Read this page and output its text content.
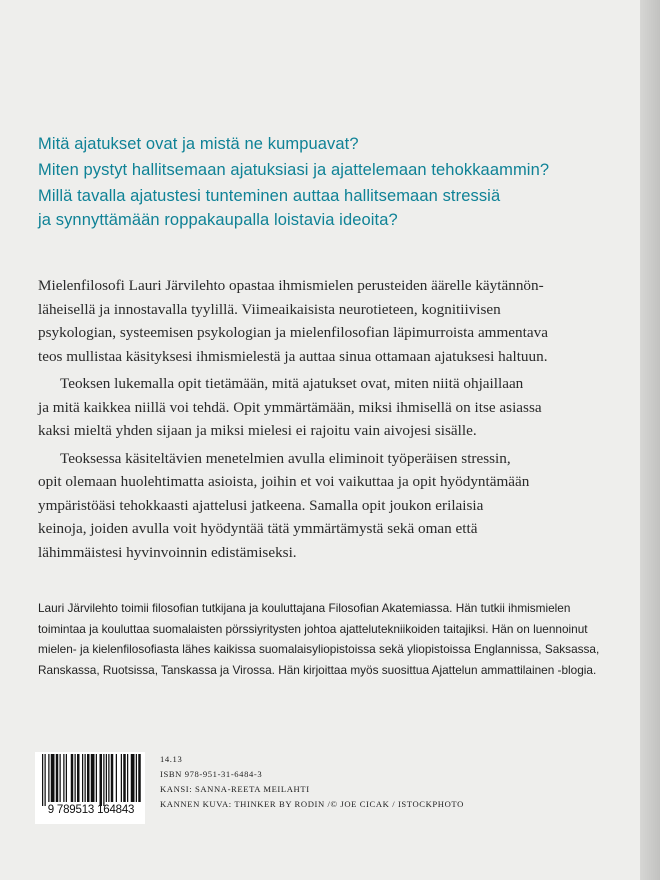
Mitä ajatukset ovat ja mistä ne kumpuavat?
Miten pystyt hallitsemaan ajatuksiasi ja ajattelemaan tehokkaammin?
Millä tavalla ajatustesi tunteminen auttaa hallitsemaan stressiä
ja synnyttämään roppakaupalla loistavia ideoita?
Mielenfilosofi Lauri Järvilehto opastaa ihmismielen perusteiden äärelle käytännön-
läheisellä ja innostavalla tyylillä. Viimeaikaisista neurotieteen, kognitiivisen
psykologian, systeemisen psykologian ja mielenfilosofian läpimurroista ammentava
teos mullistaa käsityksesi ihmismielestä ja auttaa sinua ottamaan ajatuksesi haltuun.
Teoksen lukemalla opit tietämään, mitä ajatukset ovat, miten niitä ohjaillaan
ja mitä kaikkea niillä voi tehdä. Opit ymmärtämään, miksi ihmisellä on itse asiassa
kaksi mieltä yhden sijaan ja miksi mielesi ei rajoitu vain aivojesi sisälle.
Teoksessa käsiteltävien menetelmien avulla eliminoit työperäisen stressin,
opit olemaan huolehtimatta asioista, joihin et voi vaikuttaa ja opit hyödyntämään
ympäristöäsi tehokkaasti ajattelusi jatkeena. Samalla opit joukon erilaisia
keinoja, joiden avulla voit hyödyntää tätä ymmärtämystä sekä oman että
lähimmäistesi hyvinvoinnin edistämiseksi.
Lauri Järvilehto toimii filosofian tutkijana ja kouluttajana Filosofian Akatemiassa. Hän tutkii ihmismielen
toimintaa ja kouluttaa suomalaisten pörssiyritysten johtoa ajattelutekniikoiden taitajiksi. Hän on luennoinut
mielen- ja kielenfilosofiasta lähes kaikissa suomalaisyliopistoissa sekä yliopistoissa Englannissa, Saksassa,
Ranskassa, Ruotsissa, Tanskassa ja Virossa. Hän kirjoittaa myös suosittua Ajattelun ammattilainen -blogia.
9 789513 164843
14.13
ISBN 978-951-31-6484-3
KANSI: SANNA-REETA MEILAHTI
KANNEN KUVA: THINKER BY RODIN /© JOE CICAK / ISTOCKPHOTO
